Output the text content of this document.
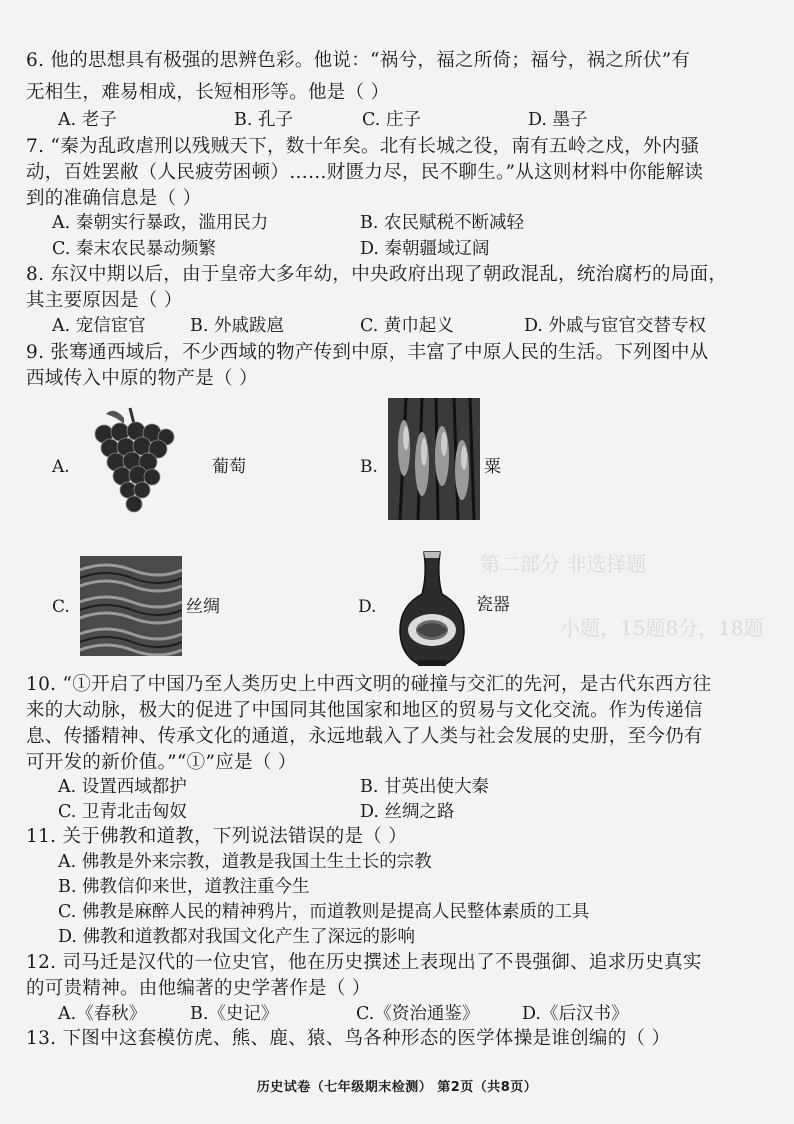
第二部分 非选择题
小题，15题8分，18题
6. 他的思想具有极强的思辨色彩。他说：“祸兮，福之所倚；福兮，祸之所伏”有
无相生，难易相成，长短相形等。他是（ ）
A. 老子	B. 孔子	C. 庄子	D. 墨子
7. “秦为乱政虐刑以残贼天下，数十年矣。北有长城之役，南有五岭之戍，外内骚
动，百姓罢敝（人民疲劳困顿）……财匮力尽，民不聊生。”从这则材料中你能解读
到的准确信息是（ ）
A. 秦朝实行暴政，滥用民力	B. 农民赋税不断减轻
C. 秦末农民暴动频繁	D. 秦朝疆域辽阔
8. 东汉中期以后，由于皇帝大多年幼，中央政府出现了朝政混乱，统治腐朽的局面，
其主要原因是（ ）
A. 宠信宦官	B. 外戚跋扈	C. 黄巾起义	D. 外戚与宦官交替专权
9. 张骞通西域后，不少西域的物产传到中原，丰富了中原人民的生活。下列图中从
西域传入中原的物产是（ ）
A.	葡萄	B.	粟
C.	丝绸	D.	瓷器
10. “①开启了中国乃至人类历史上中西文明的碰撞与交汇的先河，是古代东西方往
来的大动脉，极大的促进了中国同其他国家和地区的贸易与文化交流。作为传递信
息、传播精神、传承文化的通道，永远地载入了人类与社会发展的史册，至今仍有
可开发的新价值。”“①”应是（ ）
A. 设置西域都护	B. 甘英出使大秦
C. 卫青北击匈奴	D. 丝绸之路
11. 关于佛教和道教，下列说法错误的是（ ）
A. 佛教是外来宗教，道教是我国土生土长的宗教
B. 佛教信仰来世，道教注重今生
C. 佛教是麻醉人民的精神鸦片，而道教则是提高人民整体素质的工具
D. 佛教和道教都对我国文化产生了深远的影响
12. 司马迁是汉代的一位史官，他在历史撰述上表现出了不畏强御、追求历史真实
的可贵精神。由他编著的史学著作是（ ）
A.《春秋》	B.《史记》	C.《资治通鉴》 D.《后汉书》
13. 下图中这套模仿虎、熊、鹿、猿、鸟各种形态的医学体操是谁创编的（ ）
历史试卷（七年级期末检测） 第2页（共8页）
